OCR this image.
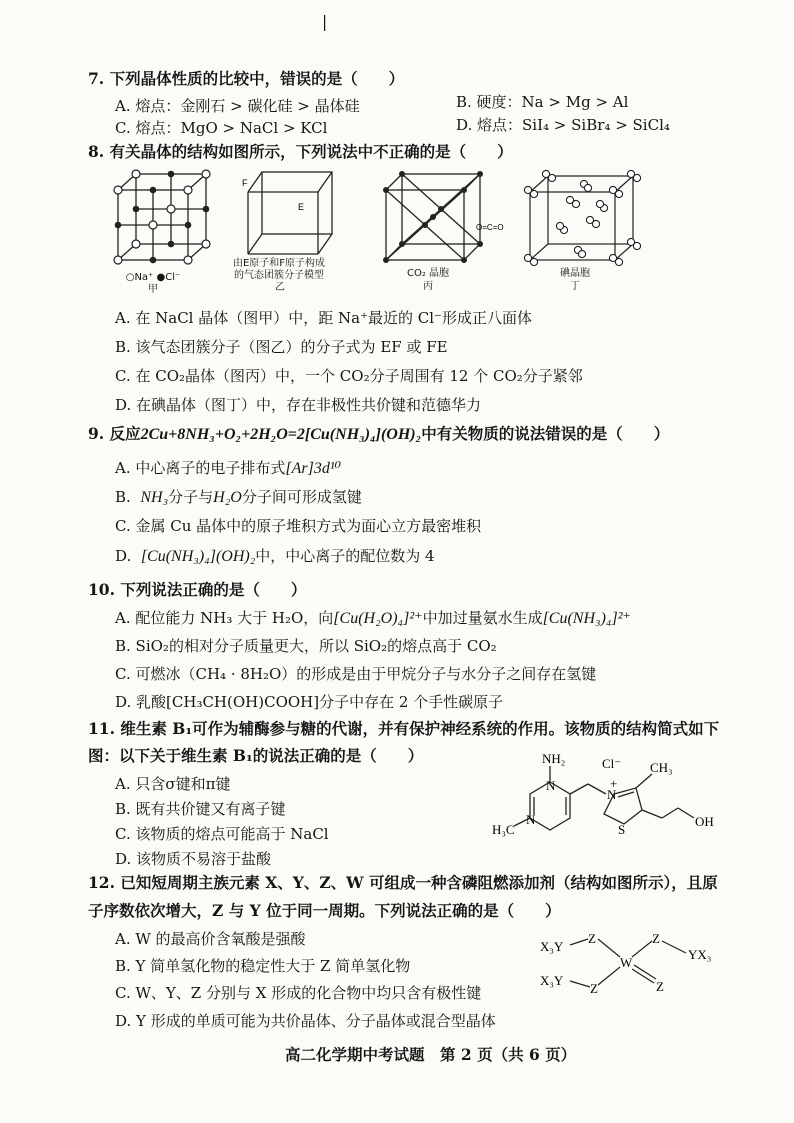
|
7. 下列晶体性质的比较中，错误的是（　　）
A. 熔点：金刚石 > 碳化硅 > 晶体硅	B. 硬度：Na > Mg > Al
C. 熔点：MgO > NaCl > KCl	D. 熔点：SiI₄ > SiBr₄ > SiCl₄
8. 有关晶体的结构如图所示，下列说法中不正确的是（　　）
○Na⁺ ●Cl⁻
甲
F
E
由E原子和F原子构成的气态团簇分子模型
乙
O=C=O
CO₂ 晶胞
丙
碘晶胞
丁
A. 在 NaCl 晶体（图甲）中，距 Na⁺最近的 Cl⁻形成正八面体
B. 该气态团簇分子（图乙）的分子式为 EF 或 FE
C. 在 CO₂晶体（图丙）中，一个 CO₂分子周围有 12 个 CO₂分子紧邻
D. 在碘晶体（图丁）中，存在非极性共价键和范德华力
9. 反应2Cu+8NH₃+O₂+2H₂O=2[Cu(NH₃)₄](OH)₂中有关物质的说法错误的是（　　）
A. 中心离子的电子排布式[Ar]3d¹⁰
B. NH₃分子与H₂O分子间可形成氢键
C. 金属 Cu 晶体中的原子堆积方式为面心立方最密堆积
D. [Cu(NH₃)₄](OH)₂中，中心离子的配位数为 4
10. 下列说法正确的是（　　）
A. 配位能力 NH₃ 大于 H₂O，向[Cu(H₂O)₄]²⁺中加过量氨水生成[Cu(NH₃)₄]²⁺
B. SiO₂的相对分子质量更大，所以 SiO₂的熔点高于 CO₂
C. 可燃冰（CH₄ · 8H₂O）的形成是由于甲烷分子与水分子之间存在氢键
D. 乳酸[CH₃CH(OH)COOH]分子中存在 2 个手性碳原子
11. 维生素 B₁可作为辅酶参与糖的代谢，并有保护神经系统的作用。该物质的结构简式如下
图：以下关于维生素 B₁的说法正确的是（　　）
A. 只含σ键和π键
B. 既有共价键又有离子键
C. 该物质的熔点可能高于 NaCl
D. 该物质不易溶于盐酸
NH₂
N
N
H₃C
N
+
Cl⁻ CH₃
S
OH
12. 已知短周期主族元素 X、Y、Z、W 可组成一种含磷阻燃添加剂（结构如图所示），且原
子序数依次增大，Z 与 Y 位于同一周期。下列说法正确的是（　　）
A. W 的最高价含氧酸是强酸
B. Y 简单氢化物的稳定性大于 Z 简单氢化物
C. W、Y、Z 分别与 X 形成的化合物中均只含有极性键
D. Y 形成的单质可能为共价晶体、分子晶体或混合型晶体
X₃Y
Z
W
Z
YX₃
X₃Y
Z	Z
高二化学期中考试题　第 2 页（共 6 页）
